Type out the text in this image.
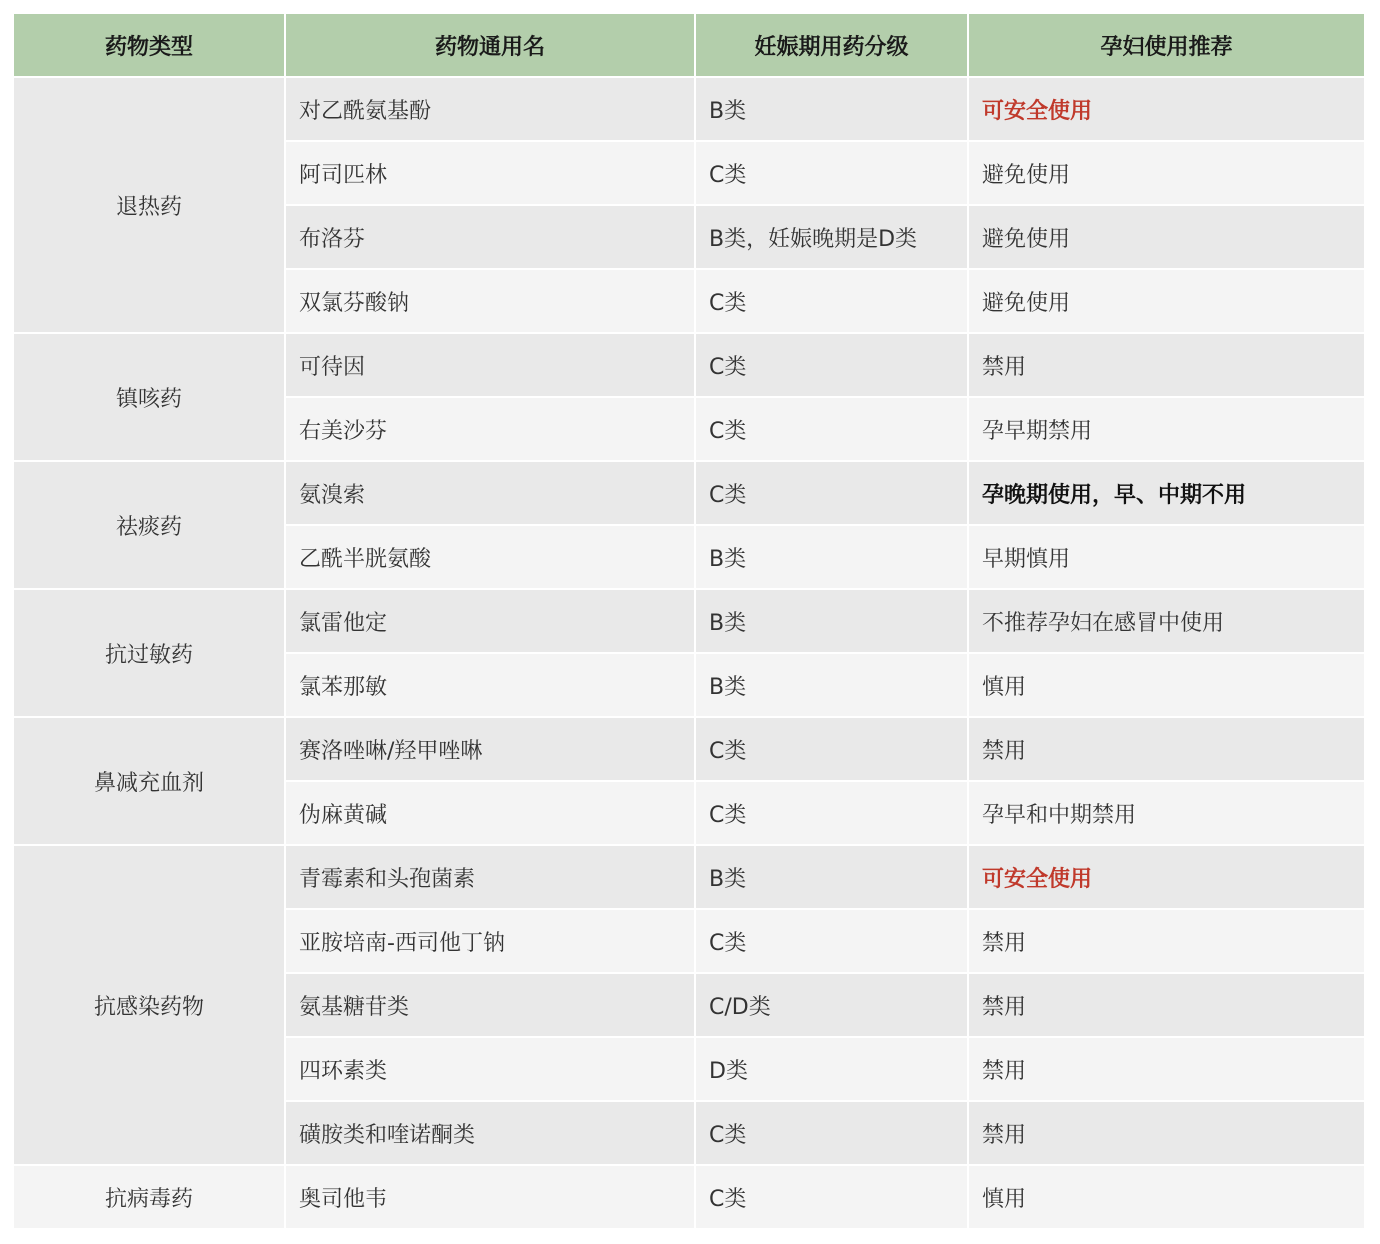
药物类型	药物通用名	妊娠期用药分级	孕妇使用推荐
退热药	对乙酰氨基酚	B类	可安全使用
	阿司匹林	C类	避免使用
	布洛芬	B类，妊娠晚期是D类	避免使用
	双氯芬酸钠	C类	避免使用
镇咳药	可待因	C类	禁用
	右美沙芬	C类	孕早期禁用
祛痰药	氨溴索	C类	孕晚期使用，早、中期不用
	乙酰半胱氨酸	B类	早期慎用
抗过敏药	氯雷他定	B类	不推荐孕妇在感冒中使用
	氯苯那敏	B类	慎用
鼻减充血剂	赛洛唑啉/羟甲唑啉	C类	禁用
	伪麻黄碱	C类	孕早和中期禁用
抗感染药物	青霉素和头孢菌素	B类	可安全使用
	亚胺培南-西司他丁钠	C类	禁用
	氨基糖苷类	C/D类	禁用
	四环素类	D类	禁用
	磺胺类和喹诺酮类	C类	禁用
抗病毒药	奥司他韦	C类	慎用
